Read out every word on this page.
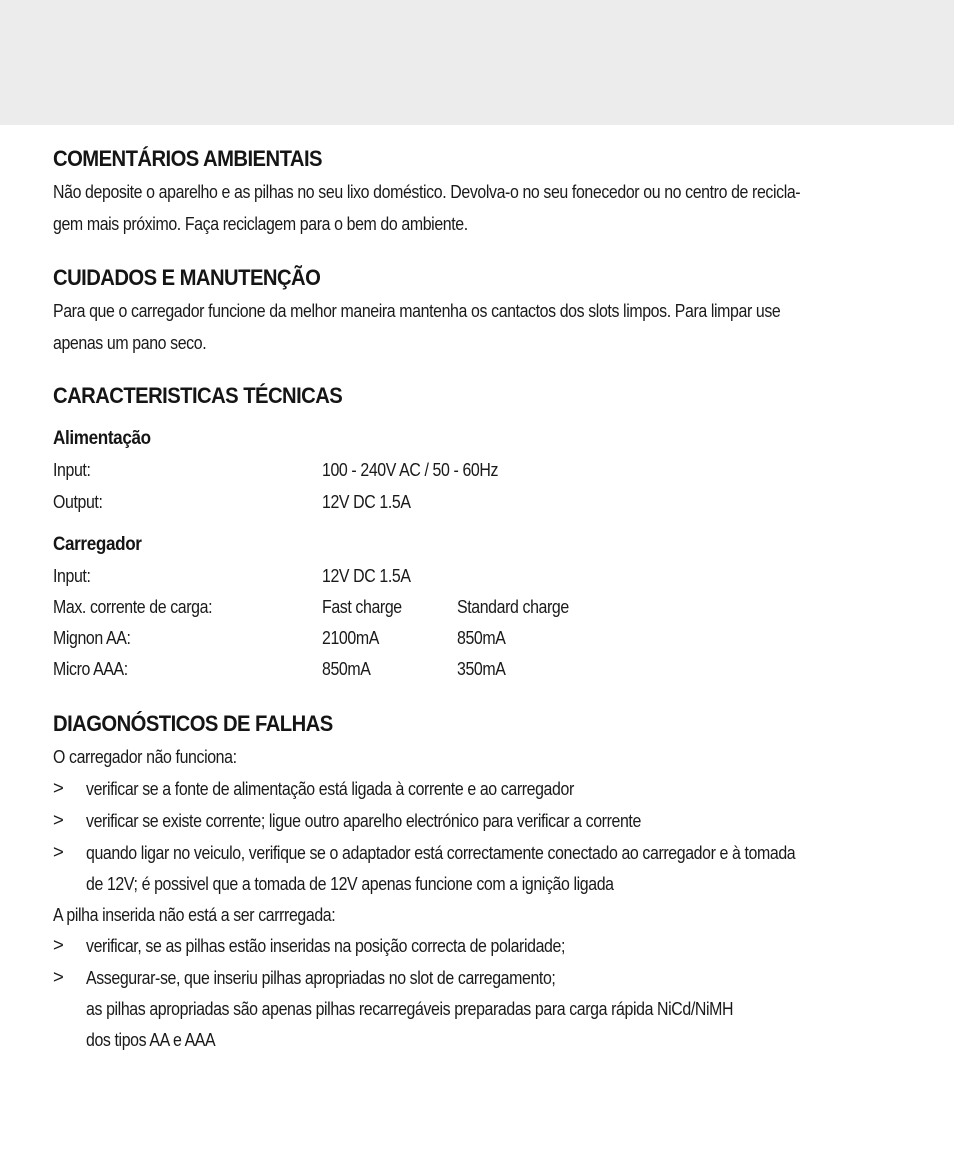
COMENTÁRIOS AMBIENTAIS
Não deposite o aparelho e as pilhas no seu lixo doméstico. Devolva-o no seu fonecedor ou no centro de recicla-
gem mais próximo. Faça reciclagem para o bem do ambiente.
CUIDADOS E MANUTENÇÃO
Para que o carregador funcione da melhor maneira mantenha os cantactos dos slots limpos. Para limpar use
apenas um pano seco.
CARACTERISTICAS TÉCNICAS
Alimentação
Input:	100 - 240V AC / 50 - 60Hz
Output:	12V DC 1.5A
Carregador
Input:	12V DC 1.5A
Max. corrente de carga:	Fast charge	Standard charge
Mignon AA:	2100mA	850mA
Micro AAA:	850mA	350mA
DIAGONÓSTICOS DE FALHAS
O carregador não funciona:
> verificar se a fonte de alimentação está ligada à corrente e ao carregador
> verificar se existe corrente; ligue outro aparelho electrónico para verificar a corrente
> quando ligar no veiculo, verifique se o adaptador está correctamente conectado ao carregador e à tomada
de 12V; é possivel que a tomada de 12V apenas funcione com a ignição ligada
A pilha inserida não está a ser carrregada:
> verificar, se as pilhas estão inseridas na posição correcta de polaridade;
> Assegurar-se, que inseriu pilhas apropriadas no slot de carregamento;
as pilhas apropriadas são apenas pilhas recarregáveis preparadas para carga rápida NiCd/NiMH
dos tipos AA e AAA
